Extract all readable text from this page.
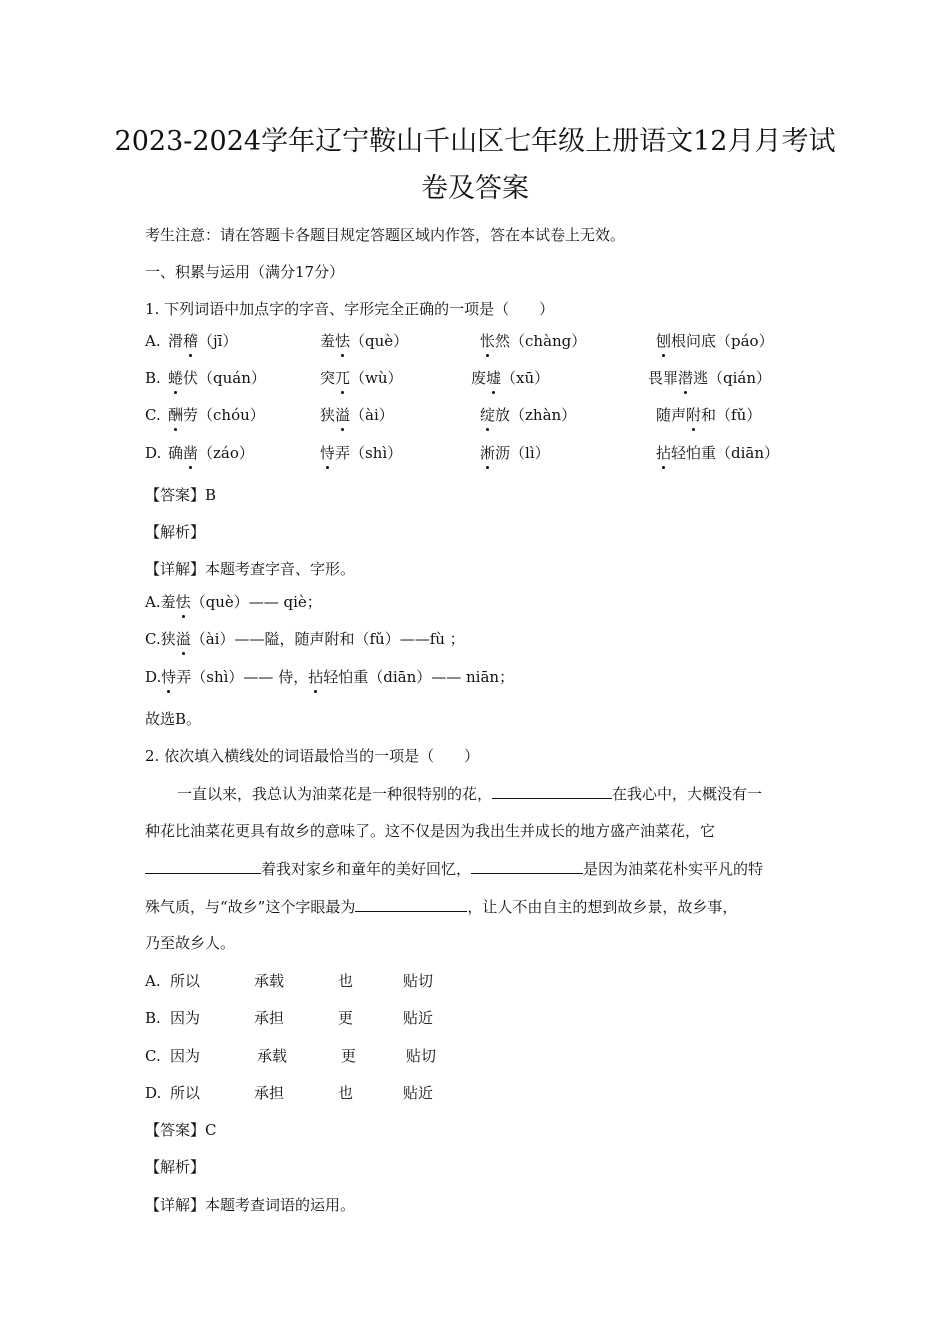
2023-2024学年辽宁鞍山千山区七年级上册语文12月月考试
卷及答案
考生注意：请在答题卡各题目规定答题区域内作答，答在本试卷上无效。
一、积累与运用（满分17分）
1. 下列词语中加点字的字音、字形完全正确的一项是（　　）
A. 滑稽（jī）	羞怯（què）	怅然（chàng）	刨根问底（páo）
B. 蜷伏（quán）	突兀（wù）	废墟（xū）	畏罪潜逃（qián）
C. 酬劳（chóu）	狭溢（ài）	绽放（zhàn）	随声附和（fǔ）
D. 确凿（záo）	恃弄（shì）	淅沥（lì）	拈轻怕重（diān）
【答案】B
【解析】
【详解】本题考查字音、字形。
A.羞怯（què）—— qiè；
C.狭溢（ài）——隘，随声附和（fǔ）——fù ；
D.恃弄（shì）—— 侍，拈轻怕重（diān）—— niān；
故选B。
2. 依次填入横线处的词语最恰当的一项是（　　）
一直以来，我总认为油菜花是一种很特别的花，	在我心中，大概没有一
种花比油菜花更具有故乡的意味了。这不仅是因为我出生并成长的地方盛产油菜花，它
着我对家乡和童年的美好回忆，	是因为油菜花朴实平凡的特
殊气质，与“故乡”这个字眼最为	，让人不由自主的想到故乡景，故乡事，
乃至故乡人。
A. 所以	承载	也	贴切
B. 因为	承担	更	贴近
C. 因为	承载	更	贴切
D. 所以	承担	也	贴近
【答案】C
【解析】
【详解】本题考查词语的运用。
